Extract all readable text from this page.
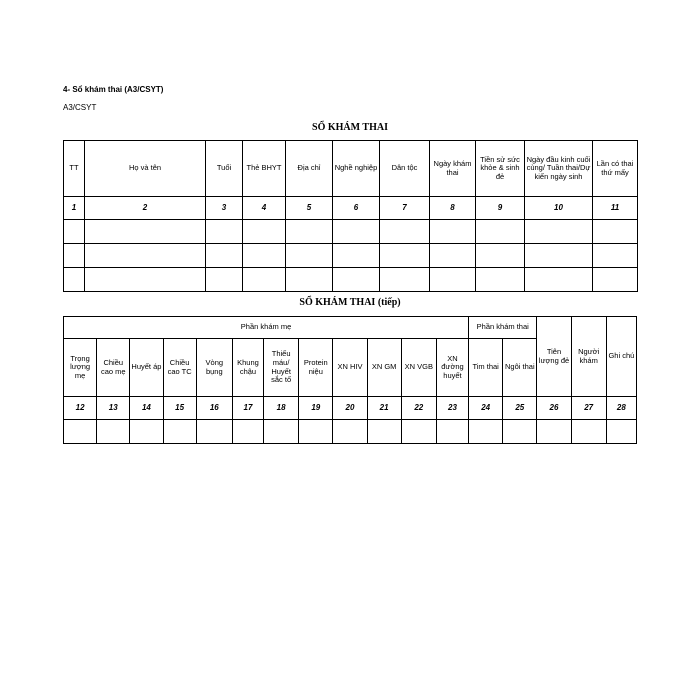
4- Sổ khám thai (A3/CSYT)
A3/CSYT
SỔ KHÁM THAI
TT	Họ và tên	Tuổi	Thẻ BHYT	Địa chỉ	Nghề nghiệp	Dân tộc	Ngày khám thai	Tiền sử sức khỏe & sinh đẻ	Ngày đầu kinh cuối cùng/ Tuần thai/Dự kiến ngày sinh	Lần có thai thứ mấy
1	2	3	4	5	6	7	8	9	10	11

SỔ KHÁM THAI (tiếp)
Phần khám mẹ												Phần khám thai		Tiên lượng đẻ	Người khám	Ghi chú
Trọng lượng mẹ	Chiều cao mẹ	Huyết áp	Chiều cao TC	Vòng bụng	Khung chậu	Thiếu máu/ Huyết sắc tố	Protein niệu	XN HIV	XN GM	XN VGB	XN đường huyết	Tim thai	Ngôi thai			
12	13	14	15	16	17	18	19	20	21	22	23	24	25	26	27	28
